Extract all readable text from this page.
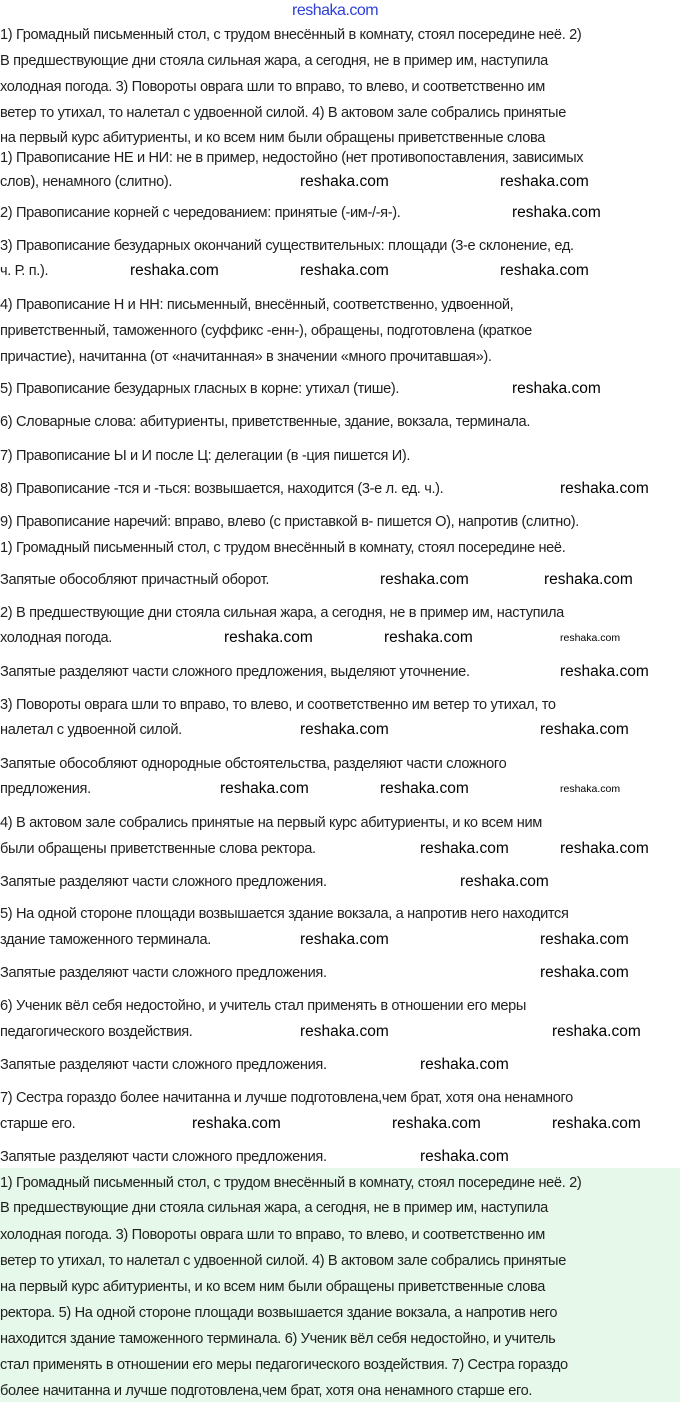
1) Громадный письменный стол, с трудом внесённый в комнату, стоял посередине неё. 2)
В предшествующие дни стояла сильная жара, а сегодня, не в пример им, наступила
холодная погода. 3) Повороты оврага шли то вправо, то влево, и соответственно им
ветер то утихал, то налетал с удвоенной силой. 4) В актовом зале собрались принятые
на первый курс абитуриенты, и ко всем ним были обращены приветственные слова
1) Правописание НЕ и НИ: не в пример, недостойно (нет противопоставления, зависимых
слов), ненамного (слитно).
2) Правописание корней с чередованием: принятые (-им-/-я-).
3) Правописание безударных окончаний существительных: площади (3-е склонение, ед.
ч. Р. п.).
4) Правописание Н и НН: письменный, внесённый, соответственно, удвоенной,
приветственный, таможенного (суффикс -енн-), обращены, подготовлена (краткое
причастие), начитанна (от «начитанная» в значении «много прочитавшая»).
5) Правописание безударных гласных в корне: утихал (тише).
6) Словарные слова: абитуриенты, приветственные, здание, вокзала, терминала.
7) Правописание Ы и И после Ц: делегации (в -ция пишется И).
8) Правописание -тся и -ться: возвышается, находится (3-е л. ед. ч.).
9) Правописание наречий: вправо, влево (с приставкой в- пишется О), напротив (слитно).
1) Громадный письменный стол, с трудом внесённый в комнату, стоял посередине неё.
Запятые обособляют причастный оборот.
2) В предшествующие дни стояла сильная жара, а сегодня, не в пример им, наступила
холодная погода.
Запятые разделяют части сложного предложения, выделяют уточнение.
3) Повороты оврага шли то вправо, то влево, и соответственно им ветер то утихал, то
налетал с удвоенной силой.
Запятые обособляют однородные обстоятельства, разделяют части сложного
предложения.
4) В актовом зале собрались принятые на первый курс абитуриенты, и ко всем ним
были обращены приветственные слова ректора.
Запятые разделяют части сложного предложения.
5) На одной стороне площади возвышается здание вокзала, а напротив него находится
здание таможенного терминала.
Запятые разделяют части сложного предложения.
6) Ученик вёл себя недостойно, и учитель стал применять в отношении его меры
педагогического воздействия.
Запятые разделяют части сложного предложения.
7) Сестра гораздо более начитанна и лучше подготовлена,чем брат, хотя она ненамного
старше его.
Запятые разделяют части сложного предложения.
1) Громадный письменный стол, с трудом внесённый в комнату, стоял посередине неё. 2)
В предшествующие дни стояла сильная жара, а сегодня, не в пример им, наступила
холодная погода. 3) Повороты оврага шли то вправо, то влево, и соответственно им
ветер то утихал, то налетал с удвоенной силой. 4) В актовом зале собрались принятые
на первый курс абитуриенты, и ко всем ним были обращены приветственные слова
ректора. 5) На одной стороне площади возвышается здание вокзала, а напротив него
находится здание таможенного терминала. 6) Ученик вёл себя недостойно, и учитель
стал применять в отношении его меры педагогического воздействия. 7) Сестра гораздо
более начитанна и лучше подготовлена,чем брат, хотя она ненамного старше его.
reshaka.com
reshaka.com	reshaka.com
reshaka.com
reshaka.com	reshaka.com	reshaka.com
reshaka.com
reshaka.com
reshaka.com	reshaka.com
reshaka.com	reshaka.com	reshaka.com
reshaka.com
reshaka.com	reshaka.com
reshaka.com	reshaka.com	reshaka.com
reshaka.com	reshaka.com
reshaka.com
reshaka.com	reshaka.com
reshaka.com
reshaka.com	reshaka.com
reshaka.com
reshaka.com	reshaka.com	reshaka.com
reshaka.com
